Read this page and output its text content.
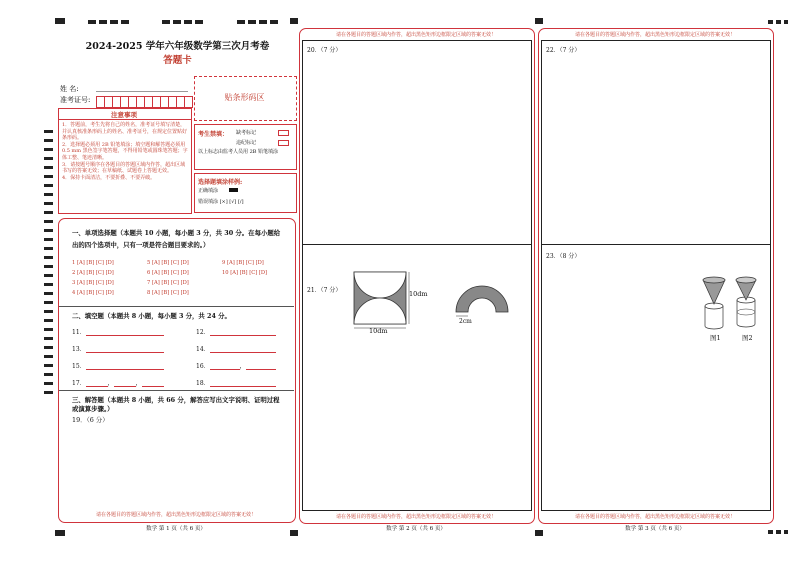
2024-2025 学年六年级数学第三次月考卷
答题卡
姓 名:
准考证号:	贴条形码区
注意事项
1．答题前，考生先将自己的姓名，准考证号填写清楚，并认真核准条形码上的姓名、准考证号，在规定位置贴好条形码。
2．选择题必须用 2B 铅笔填涂；填空题和解答题必须用 0.5 mm 黑色签字笔答题，不得用铅笔或圆珠笔答题；字体工整、笔迹清晰。
3．请按题号顺序在各题目的答题区域内作答，超出区域书写的答案无效；在草稿纸、试题卷上答题无效。
4．保持卡面清洁，不要折叠、不要弄破。
考生禁填： 缺考标记
违纪标记
以上标志由监考人员用 2B 铅笔填涂
选择题填涂样例:
正确填涂
错误填涂 [×] [√] [/]
一、单项选择题（本题共 10 小题，每小题 3 分，共 30 分。在每小题给出的四个选项中，只有一项是符合题目要求的。）
1 [A] [B] [C] [D]	5 [A] [B] [C] [D]	9 [A] [B] [C] [D]
2 [A] [B] [C] [D]	6 [A] [B] [C] [D]	10 [A] [B] [C] [D]
3 [A] [B] [C] [D]	7 [A] [B] [C] [D]
4 [A] [B] [C] [D]	8 [A] [B] [C] [D]
二、填空题（本题共 8 小题，每小题 3 分，共 24 分。
11．	12．
13．	14．
15．	16．	，
17．	，	，	18．
三、解答题（本题共 8 小题，共 66 分，解答应写出文字说明、证明过程或演算步骤。）
19．（6 分）
请在各题目的答题区域内作答，超出黑色矩形边框限定区域的答案无效！
数学 第 1 页（共 6 页）
请在各题目的答题区域内作答，超出黑色矩形边框限定区域的答案无效！
20．（7 分）
21．（7 分）	10dm
10dm
2cm
请在各题目的答题区域内作答，超出黑色矩形边框限定区域的答案无效！
数学 第 2 页（共 6 页）
请在各题目的答题区域内作答，超出黑色矩形边框限定区域的答案无效！
22．（7 分）
23．（8 分）
图1	图2
请在各题目的答题区域内作答，超出黑色矩形边框限定区域的答案无效！
数学 第 3 页（共 6 页）
